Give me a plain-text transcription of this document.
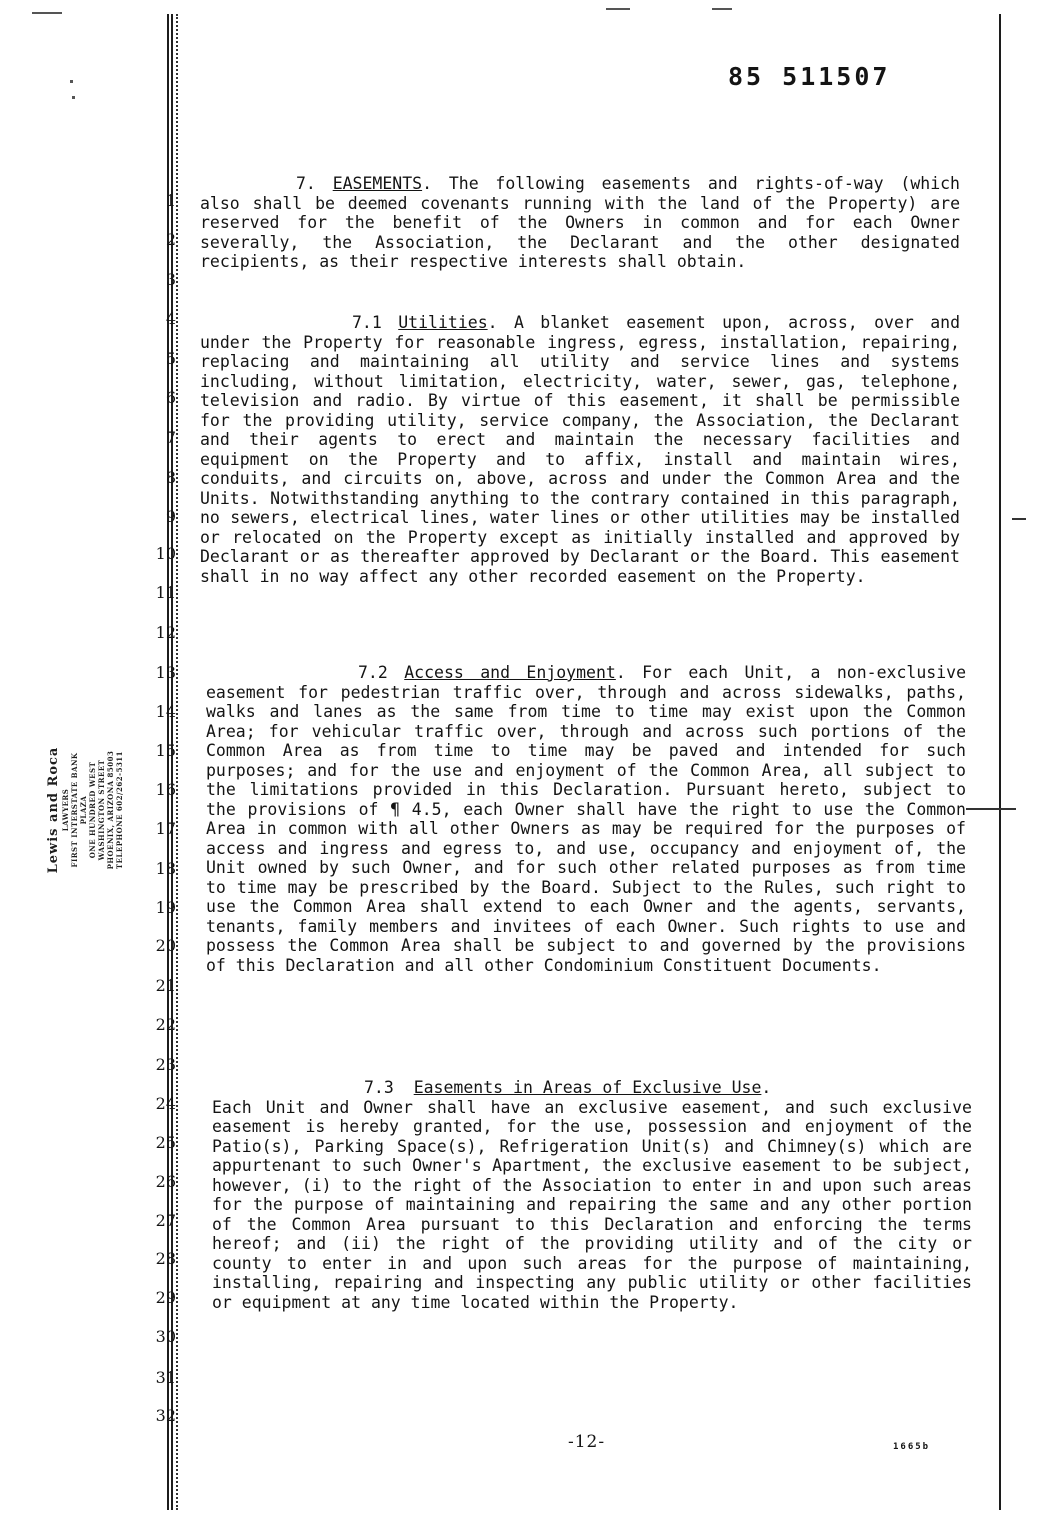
85 511507
1
2
3
4
5
6
7
8
9
10
11
12
13
14
15
16
17
18
19
20
21
22
23
24
25
26
27
28
29
30
31
32
Lewis and Roca LAWYERS FIRST INTERSTATE BANK PLAZA ONE HUNDRED WEST WASHINGTON STREET PHOENIX, ARIZONA 85003 TELEPHONE 602/262-5311

7. EASEMENTS. The following easements and rights-of-way (which also shall be deemed covenants running with the land of the Property) are reserved for the benefit of the Owners in common and for each Owner severally, the Association, the Declarant and the other designated recipients, as their respective interests shall obtain.

7.1 Utilities. A blanket easement upon, across, over and under the Property for reasonable ingress, egress, installation, repairing, replacing and maintaining all utility and service lines and systems including, without limitation, electricity, water, sewer, gas, telephone, television and radio. By virtue of this easement, it shall be permissible for the providing utility, service company, the Association, the Declarant and their agents to erect and maintain the necessary facilities and equipment on the Property and to affix, install and maintain wires, conduits, and circuits on, above, across and under the Common Area and the Units. Notwithstanding anything to the contrary contained in this paragraph, no sewers, electrical lines, water lines or other utilities may be installed or relocated on the Property except as initially installed and approved by Declarant or as thereafter approved by Declarant or the Board. This easement shall in no way affect any other recorded easement on the Property.

7.2 Access and Enjoyment. For each Unit, a non-exclusive easement for pedestrian traffic over, through and across sidewalks, paths, walks and lanes as the same from time to time may exist upon the Common Area; for vehicular traffic over, through and across such portions of the Common Area as from time to time may be paved and intended for such purposes; and for the use and enjoyment of the Common Area, all subject to the limitations provided in this Declaration. Pursuant hereto, subject to the provisions of ¶ 4.5, each Owner shall have the right to use the Common Area in common with all other Owners as may be required for the purposes of access and ingress and egress to, and use, occupancy and enjoyment of, the Unit owned by such Owner, and for such other related purposes as from time to time may be prescribed by the Board. Subject to the Rules, such right to use the Common Area shall extend to each Owner and the agents, servants, tenants, family members and invitees of each Owner. Such rights to use and possess the Common Area shall be subject to and governed by the provisions of this Declaration and all other Condominium Constituent Documents.

7.3 Easements in Areas of Exclusive Use.

Each Unit and Owner shall have an exclusive easement, and such exclusive easement is hereby granted, for the use, possession and enjoyment of the Patio(s), Parking Space(s), Refrigeration Unit(s) and Chimney(s) which are appurtenant to such Owner's Apartment, the exclusive easement to be subject, however, (i) to the right of the Association to enter in and upon such areas for the purpose of maintaining and repairing the same and any other portion of the Common Area pursuant to this Declaration and enforcing the terms hereof; and (ii) the right of the providing utility and of the city or county to enter in and upon such areas for the purpose of maintaining, installing, repairing and inspecting any public utility or other facilities or equipment at any time located within the Property.

-12-	1665b
